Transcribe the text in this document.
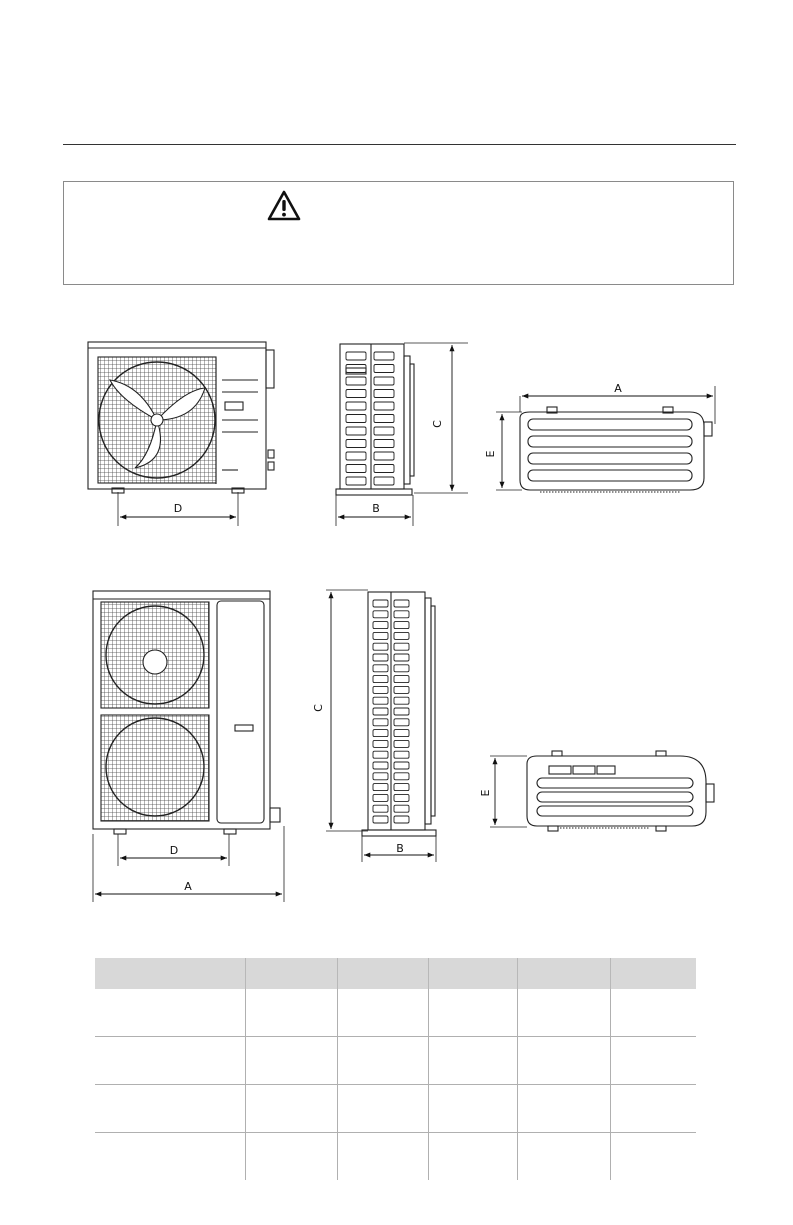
D
C
B
A
E
D
A
C
B
E
